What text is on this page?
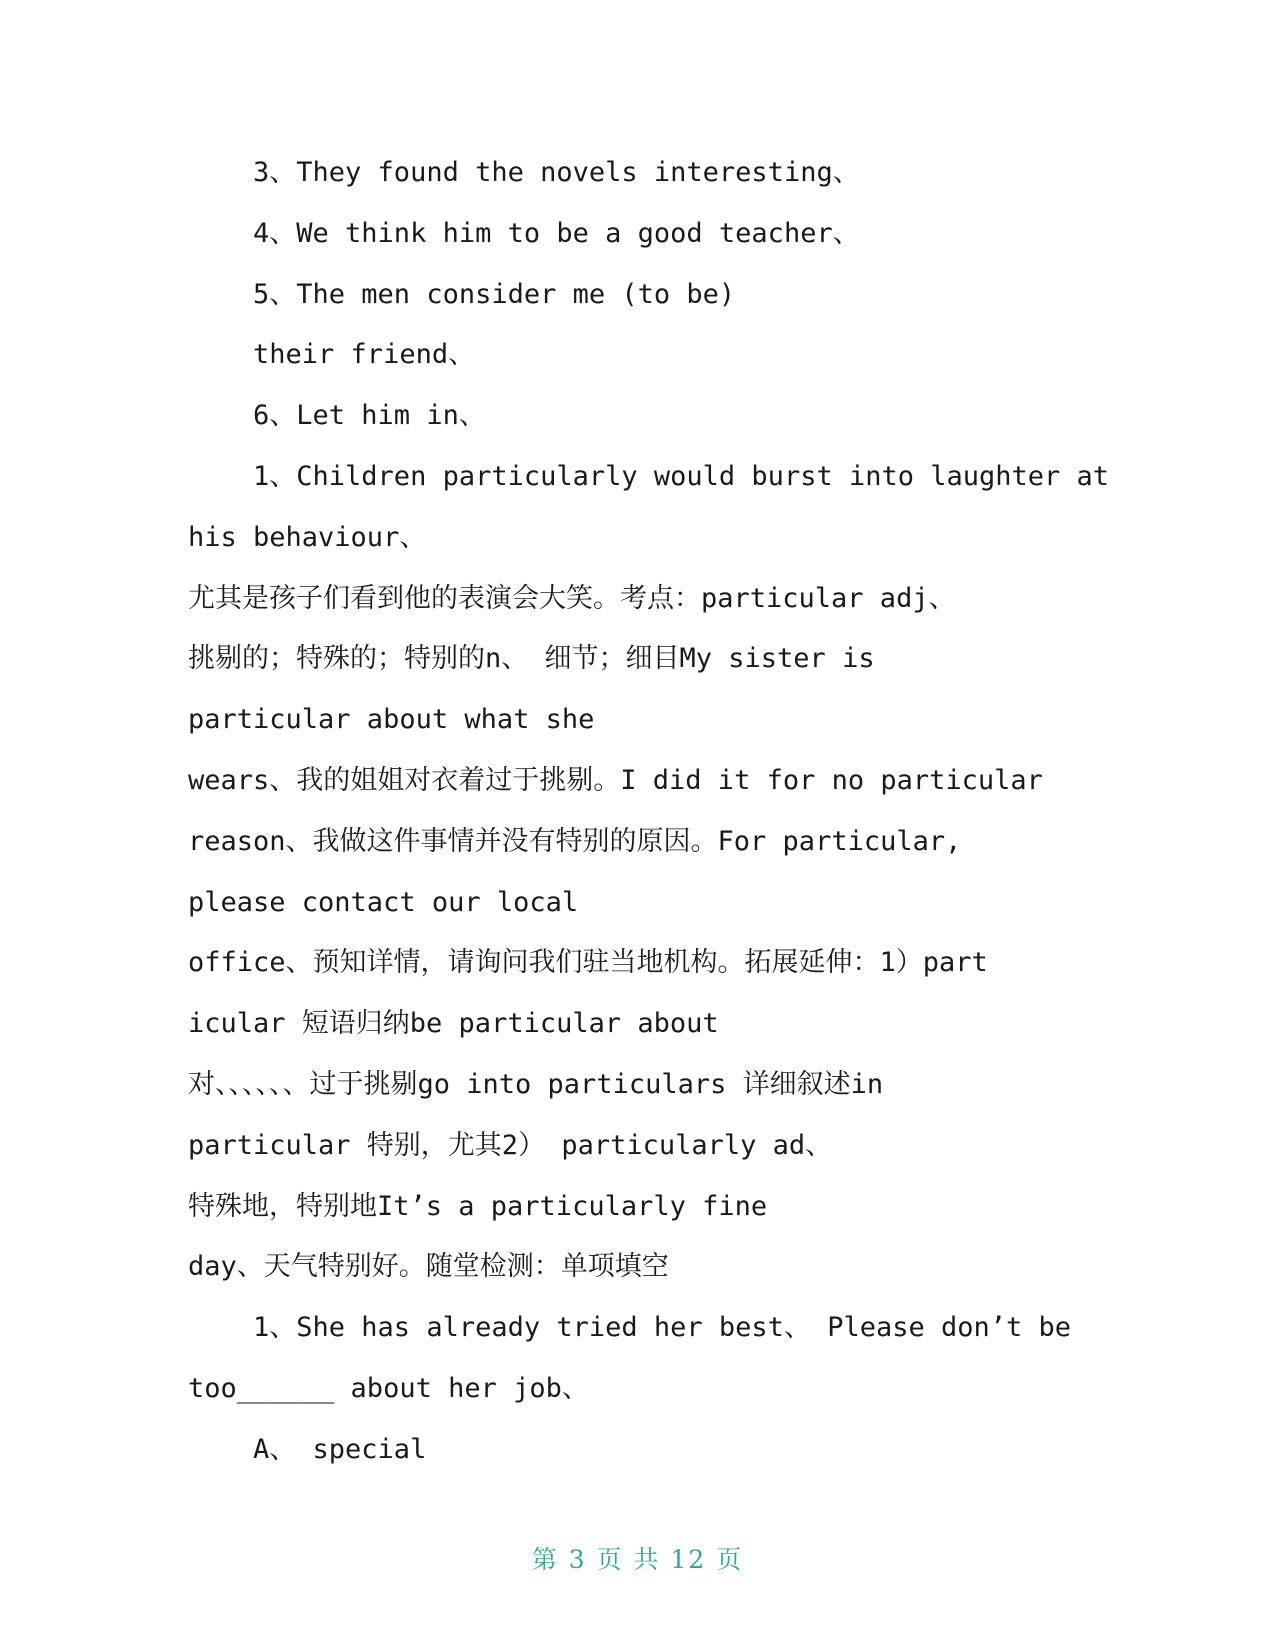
3、They found the novels interesting、
4、We think him to be a good teacher、
5、The men consider me (to be)
their friend、
6、Let him in、
1、Children particularly would burst into laughter at
his behaviour、
尤其是孩子们看到他的表演会大笑。考点：particular adj、
挑剔的；特殊的；特别的n、 细节；细目My sister is
particular about what she
wears、我的姐姐对衣着过于挑剔。I did it for no particular
reason、我做这件事情并没有特别的原因。For particular,
please contact our local
office、预知详情，请询问我们驻当地机构。拓展延伸：1）part
icular 短语归纳be particular about
对、、、、、、过于挑剔go into particulars 详细叙述in
particular 特别，尤其2） particularly ad、
特殊地，特别地It’s a particularly fine
day、天气特别好。随堂检测：单项填空
1、She has already tried her best、 Please don’t be
too______ about her job、
A、 special
第 3 页 共 12 页
